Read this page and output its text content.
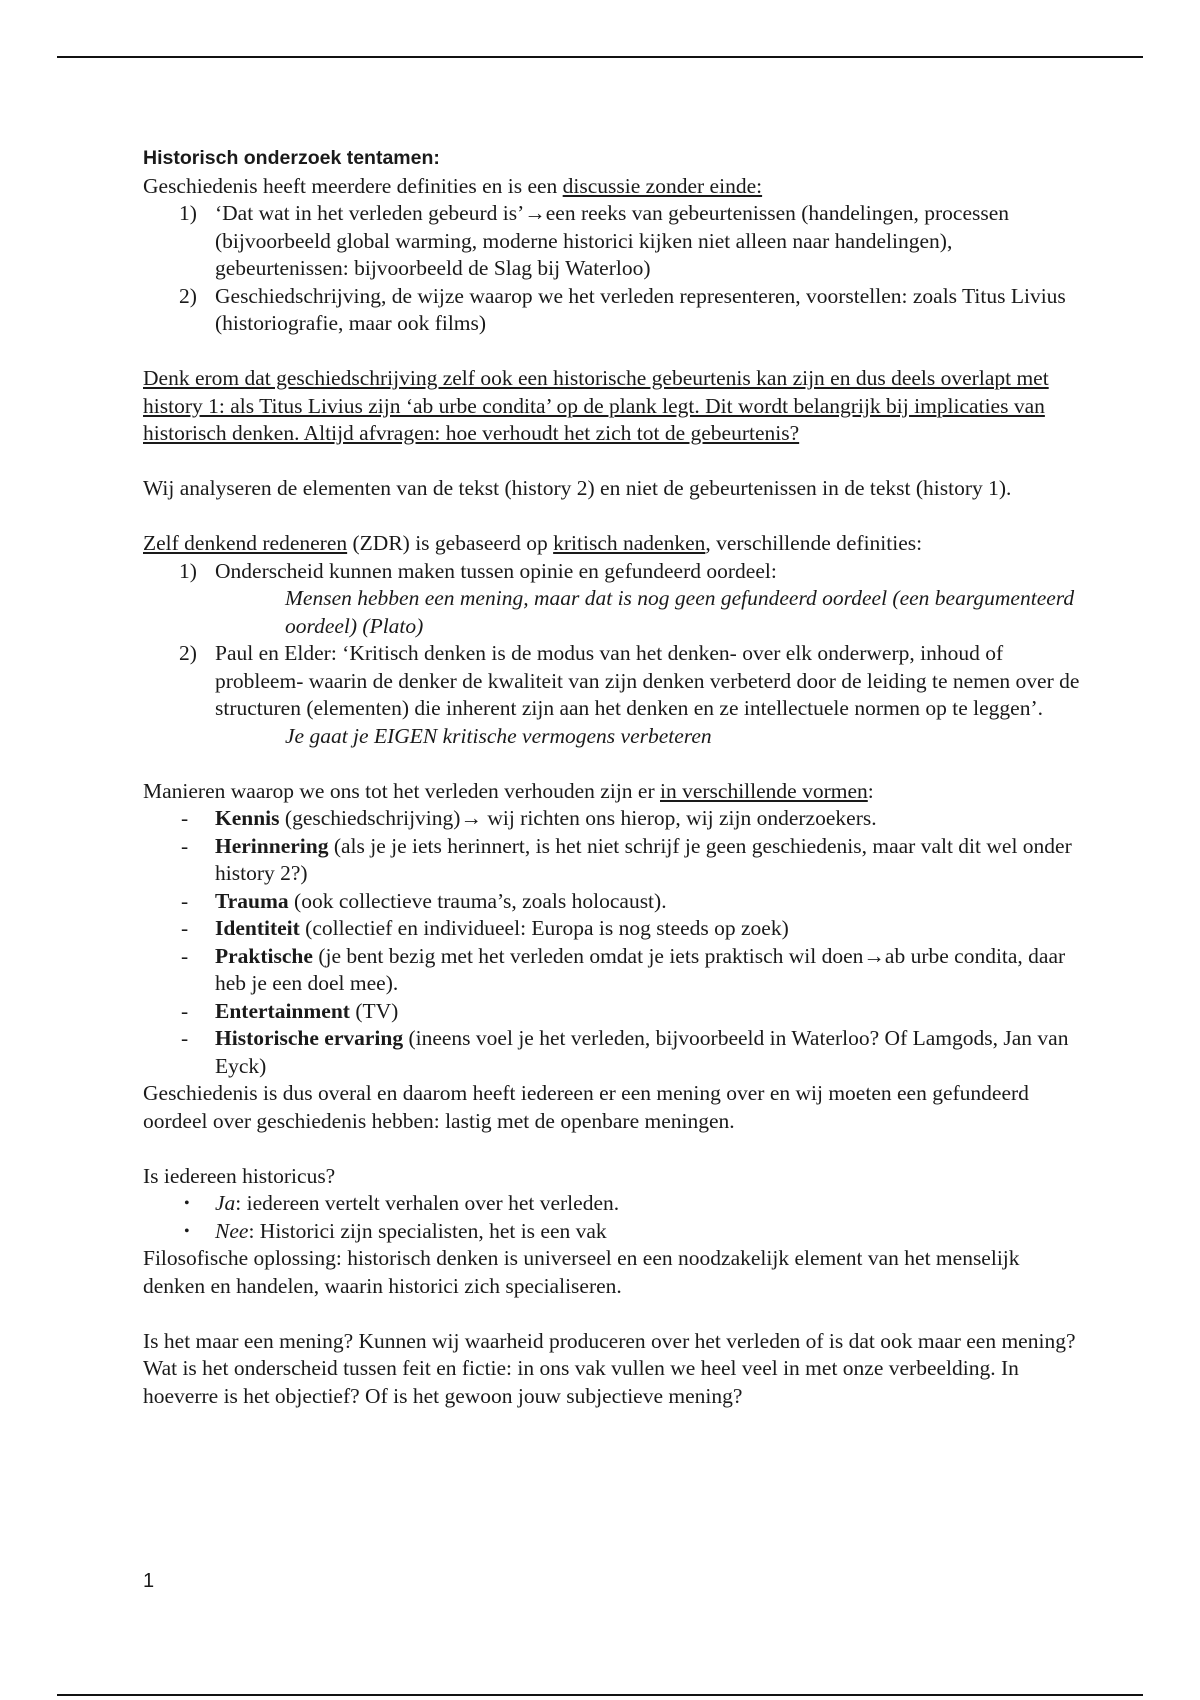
Historisch onderzoek tentamen:

Geschiedenis heeft meerdere definities en is een discussie zonder einde:

1) ‘Dat wat in het verleden gebeurd is’→een reeks van gebeurtenissen (handelingen, processen (bijvoorbeeld global warming, moderne historici kijken niet alleen naar handelingen), gebeurtenissen: bijvoorbeeld de Slag bij Waterloo)
2) Geschiedschrijving, de wijze waarop we het verleden representeren, voorstellen: zoals Titus Livius (historiografie, maar ook films)

Denk erom dat geschiedschrijving zelf ook een historische gebeurtenis kan zijn en dus deels overlapt met history 1: als Titus Livius zijn ‘ab urbe condita’ op de plank legt. Dit wordt belangrijk bij implicaties van historisch denken. Altijd afvragen: hoe verhoudt het zich tot de gebeurtenis?

Wij analyseren de elementen van de tekst (history 2) en niet de gebeurtenissen in de tekst (history 1).

Zelf denkend redeneren (ZDR) is gebaseerd op kritisch nadenken, verschillende definities:

1) Onderscheid kunnen maken tussen opinie en gefundeerd oordeel:

Mensen hebben een mening, maar dat is nog geen gefundeerd oordeel (een beargumenteerd oordeel) (Plato)

2) Paul en Elder: ‘Kritisch denken is de modus van het denken- over elk onderwerp, inhoud of probleem- waarin de denker de kwaliteit van zijn denken verbeterd door de leiding te nemen over de structuren (elementen) die inherent zijn aan het denken en ze intellectuele normen op te leggen’.

Je gaat je EIGEN kritische vermogens verbeteren

Manieren waarop we ons tot het verleden verhouden zijn er in verschillende vormen:

- Kennis (geschiedschrijving)→ wij richten ons hierop, wij zijn onderzoekers.
- Herinnering (als je je iets herinnert, is het niet schrijf je geen geschiedenis, maar valt dit wel onder history 2?)
- Trauma (ook collectieve trauma’s, zoals holocaust).
- Identiteit (collectief en individueel: Europa is nog steeds op zoek)
- Praktische (je bent bezig met het verleden omdat je iets praktisch wil doen→ab urbe condita, daar heb je een doel mee).
- Entertainment (TV)
- Historische ervaring (ineens voel je het verleden, bijvoorbeeld in Waterloo? Of Lamgods, Jan van Eyck)

Geschiedenis is dus overal en daarom heeft iedereen er een mening over en wij moeten een gefundeerd oordeel over geschiedenis hebben: lastig met de openbare meningen.

Is iedereen historicus?

• Ja: iedereen vertelt verhalen over het verleden.
• Nee: Historici zijn specialisten, het is een vak

Filosofische oplossing: historisch denken is universeel en een noodzakelijk element van het menselijk denken en handelen, waarin historici zich specialiseren.

Is het maar een mening? Kunnen wij waarheid produceren over het verleden of is dat ook maar een mening? Wat is het onderscheid tussen feit en fictie: in ons vak vullen we heel veel in met onze verbeelding. In hoeverre is het objectief? Of is het gewoon jouw subjectieve mening?

1
